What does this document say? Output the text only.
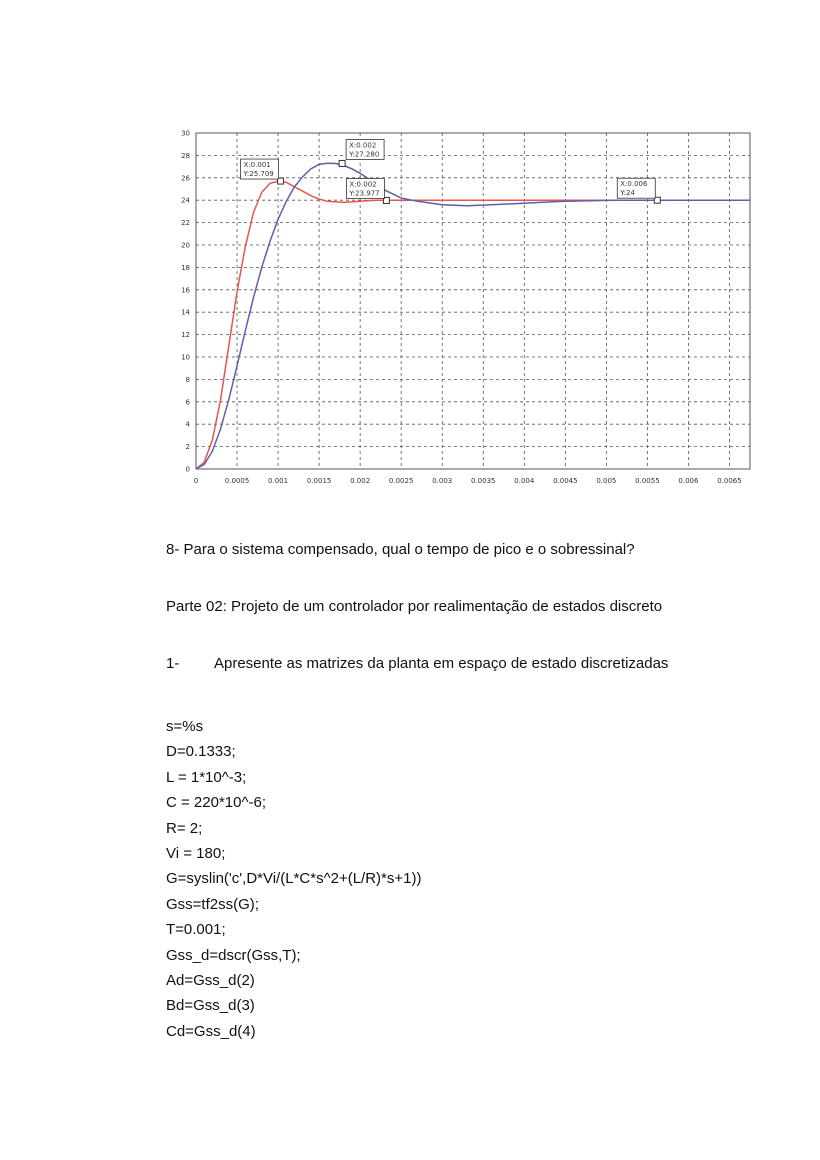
0	0.0005	0.001	0.0015	0.002	0.0025	0.003	0.0035	0.004	0.0045	0.005	0.0055	0.006	0.0065
0
2
4
6
8
10
12
14
16
18
20
22
24
26
28
30
X:0.001
Y:25.709
X:0.002
Y:27.280
X:0.002
Y:23.977
X:0.006
Y:24
8- Para o sistema compensado, qual o tempo de pico e o sobressinal?
Parte 02: Projeto de um controlador por realimentação de estados discreto
1- Apresente as matrizes da planta em espaço de estado discretizadas
s=%s
D=0.1333;
L = 1*10^-3;
C = 220*10^-6;
R= 2;
Vi = 180;
G=syslin('c',D*Vi/(L*C*s^2+(L/R)*s+1))
Gss=tf2ss(G);
T=0.001;
Gss_d=dscr(Gss,T);
Ad=Gss_d(2)
Bd=Gss_d(3)
Cd=Gss_d(4)
